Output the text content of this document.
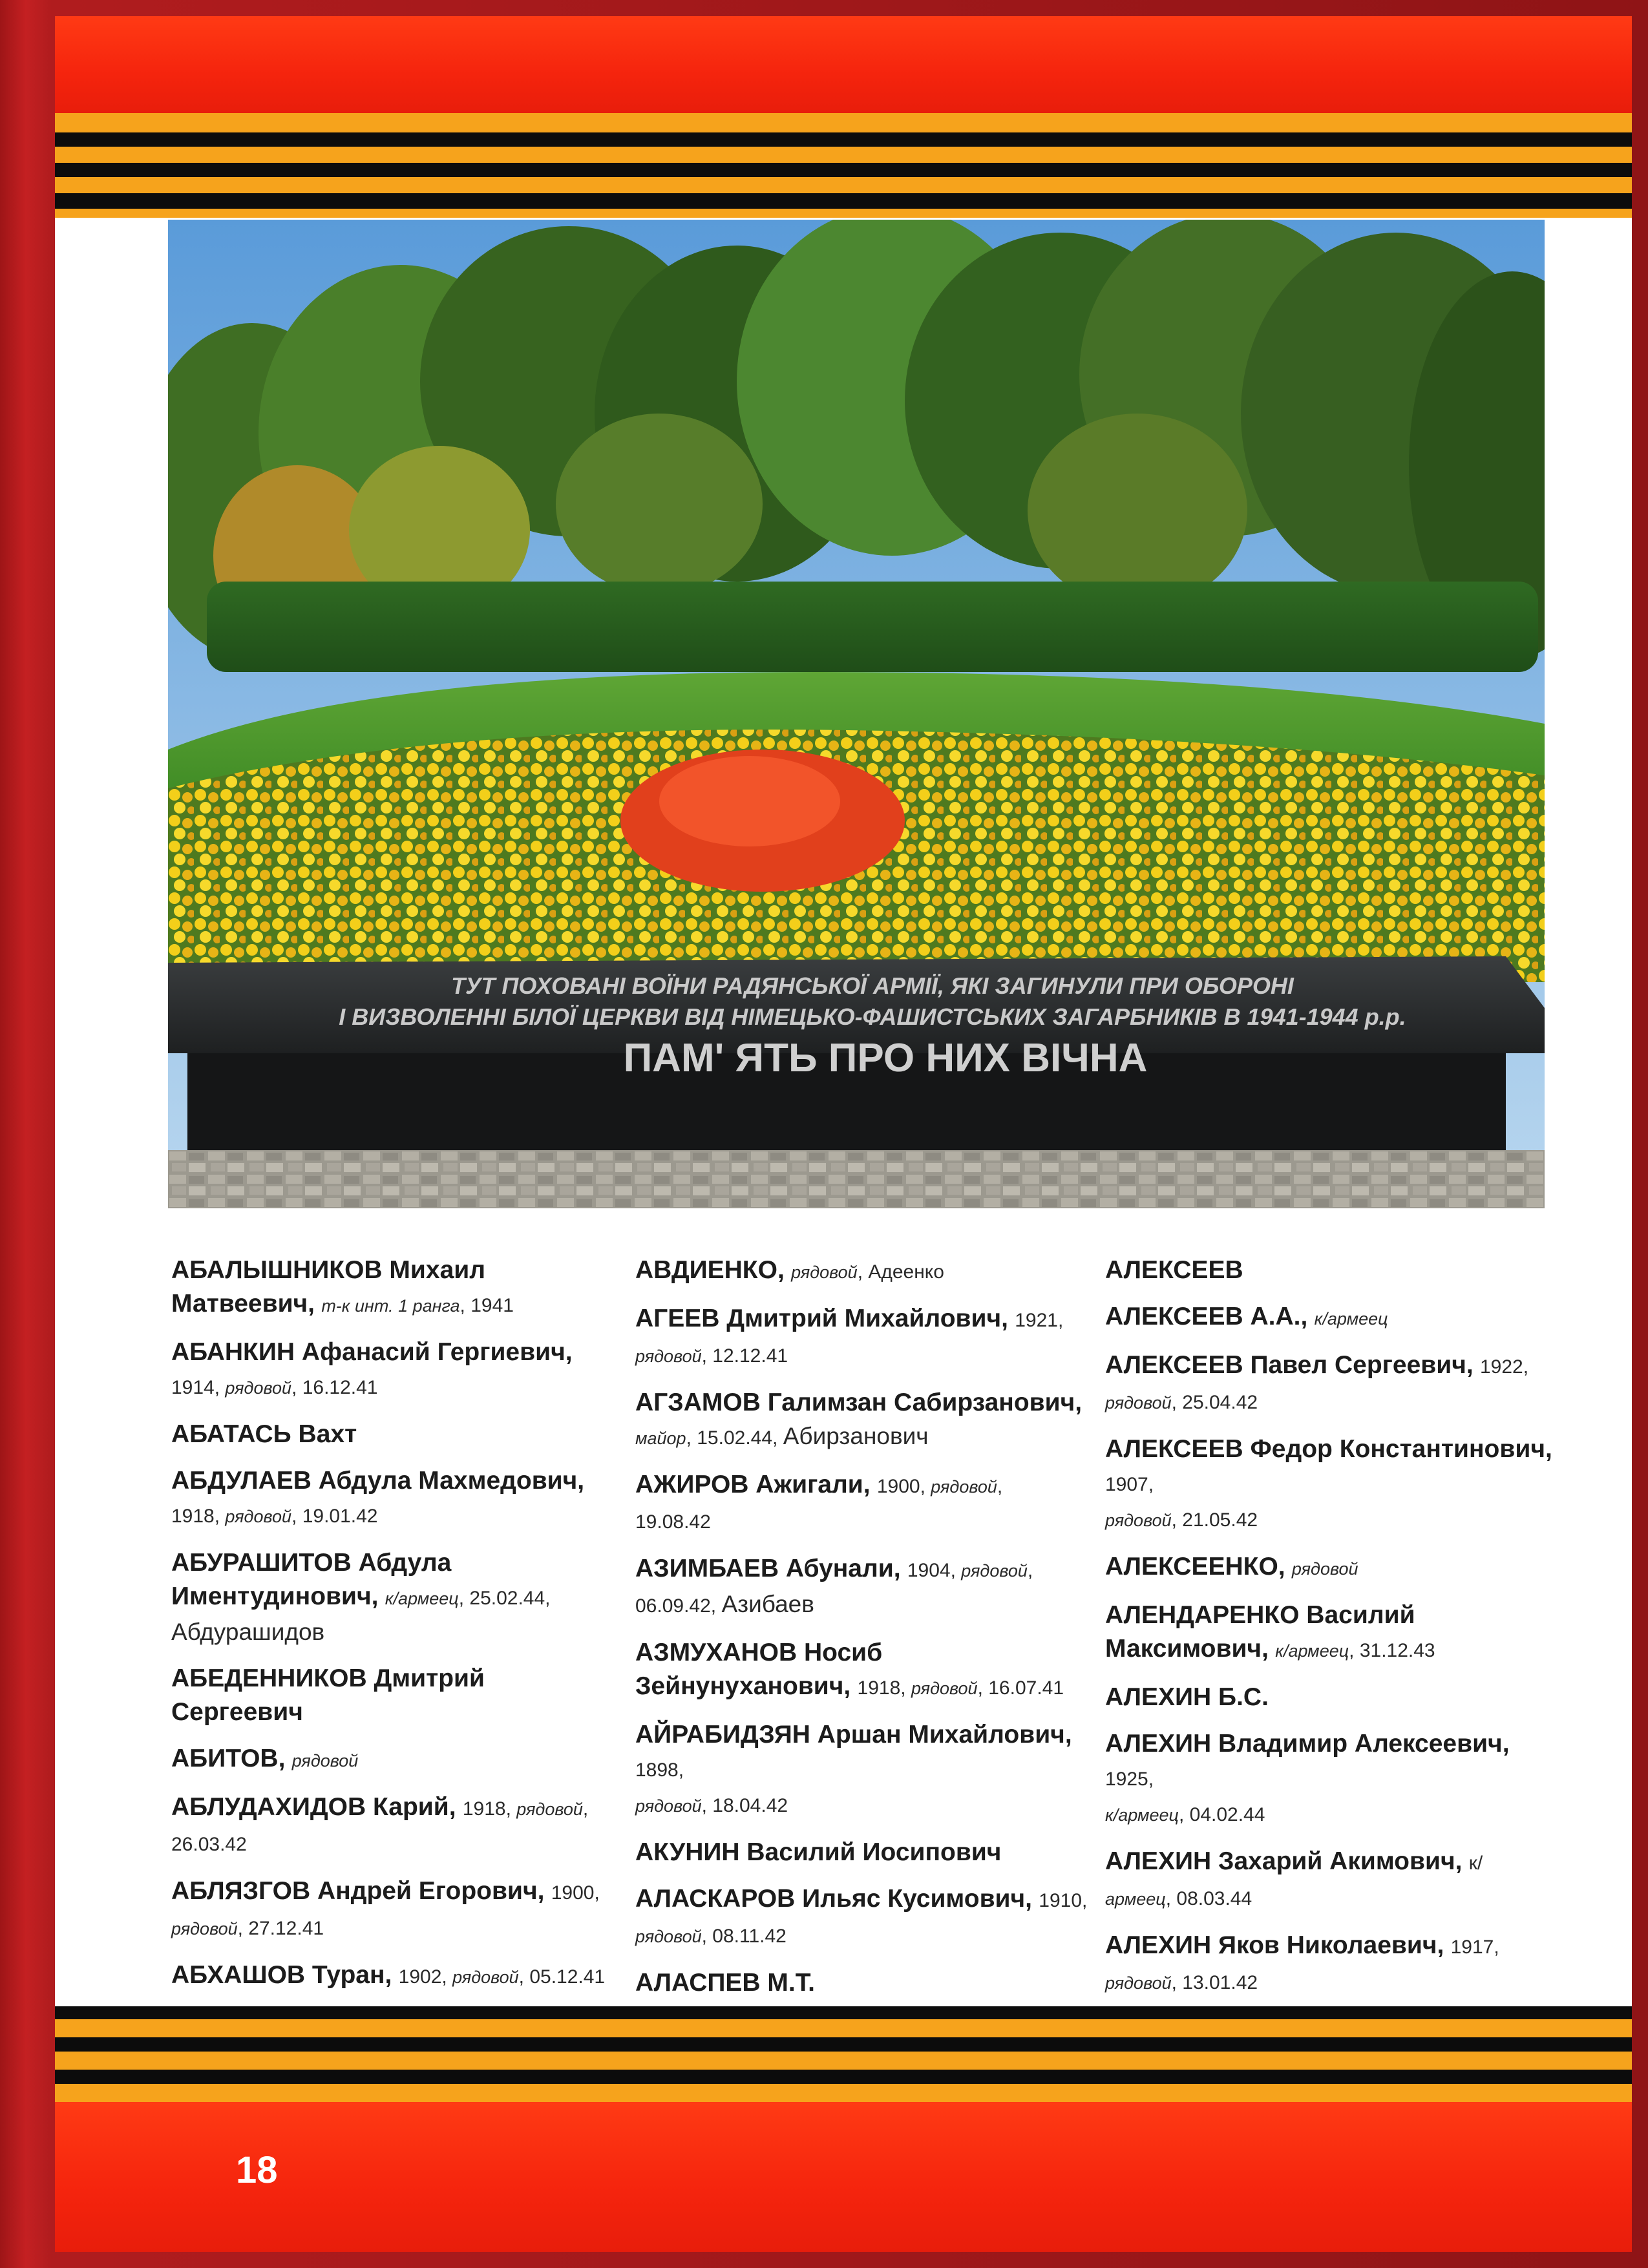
ТУТ ПОХОВАНІ ВОЇНИ РАДЯНСЬКОЇ АРМІЇ, ЯКІ ЗАГИНУЛИ ПРИ ОБОРОНІ
І ВИЗВОЛЕННІ БІЛОЇ ЦЕРКВИ ВІД НІМЕЦЬКО-ФАШИСТСЬКИХ ЗАГАРБНИКІВ В 1941-1944 р.р.
ПАМ' ЯТЬ ПРО НИХ ВІЧНА
АБАЛЫШНИКОВ Михаил
Матвеевич, т-к инт. 1 ранга, 1941
АБАНКИН Афанасий Гергиевич, 1914, рядовой, 16.12.41
АБАТАСЬ Вахт
АБДУЛАЕВ Абдула Махмедович, 1918, рядовой, 19.01.42
АБУРАШИТОВ Абдула
Иментудинович, к/армеец, 25.02.44,
Абдурашидов
АБЕДЕННИКОВ Дмитрий
Сергеевич
АБИТОВ, рядовой
АБЛУДАХИДОВ Карий, 1918, рядовой,
26.03.42
АБЛЯЗГОВ Андрей Егорович, 1900,
рядовой, 27.12.41
АБХАШОВ Туран, 1902, рядовой, 05.12.41

АВДИЕНКО, рядовой, Адеенко
АГЕЕВ Дмитрий Михайлович, 1921,
рядовой, 12.12.41
АГЗАМОВ Галимзан Сабирзанович,
майор, 15.02.44, Абирзанович
АЖИРОВ Ажигали, 1900, рядовой,
19.08.42
АЗИМБАЕВ Абунали, 1904, рядовой,
06.09.42, Азибаев
АЗМУХАНОВ Носиб
Зейнунуханович, 1918, рядовой, 16.07.41
АЙРАБИДЗЯН Аршан Михайлович, 1898,
рядовой, 18.04.42
АКУНИН Василий Иосипович
АЛАСКАРОВ Ильяс Кусимович, 1910,
рядовой, 08.11.42
АЛАСПЕВ М.Т.

АЛЕКСЕЕВ
АЛЕКСЕЕВ А.А., к/армеец
АЛЕКСЕЕВ Павел Сергеевич, 1922,
рядовой, 25.04.42
АЛЕКСЕЕВ Федор Константинович, 1907,
рядовой, 21.05.42
АЛЕКСЕЕНКО, рядовой
АЛЕНДАРЕНКО Василий
Максимович, к/армеец, 31.12.43
АЛЕХИН Б.С.
АЛЕХИН Владимир Алексеевич, 1925,
к/армеец, 04.02.44
АЛЕХИН Захарий Акимович, к/
армеец, 08.03.44
АЛЕХИН Яков Николаевич, 1917,
рядовой, 13.01.42

18
